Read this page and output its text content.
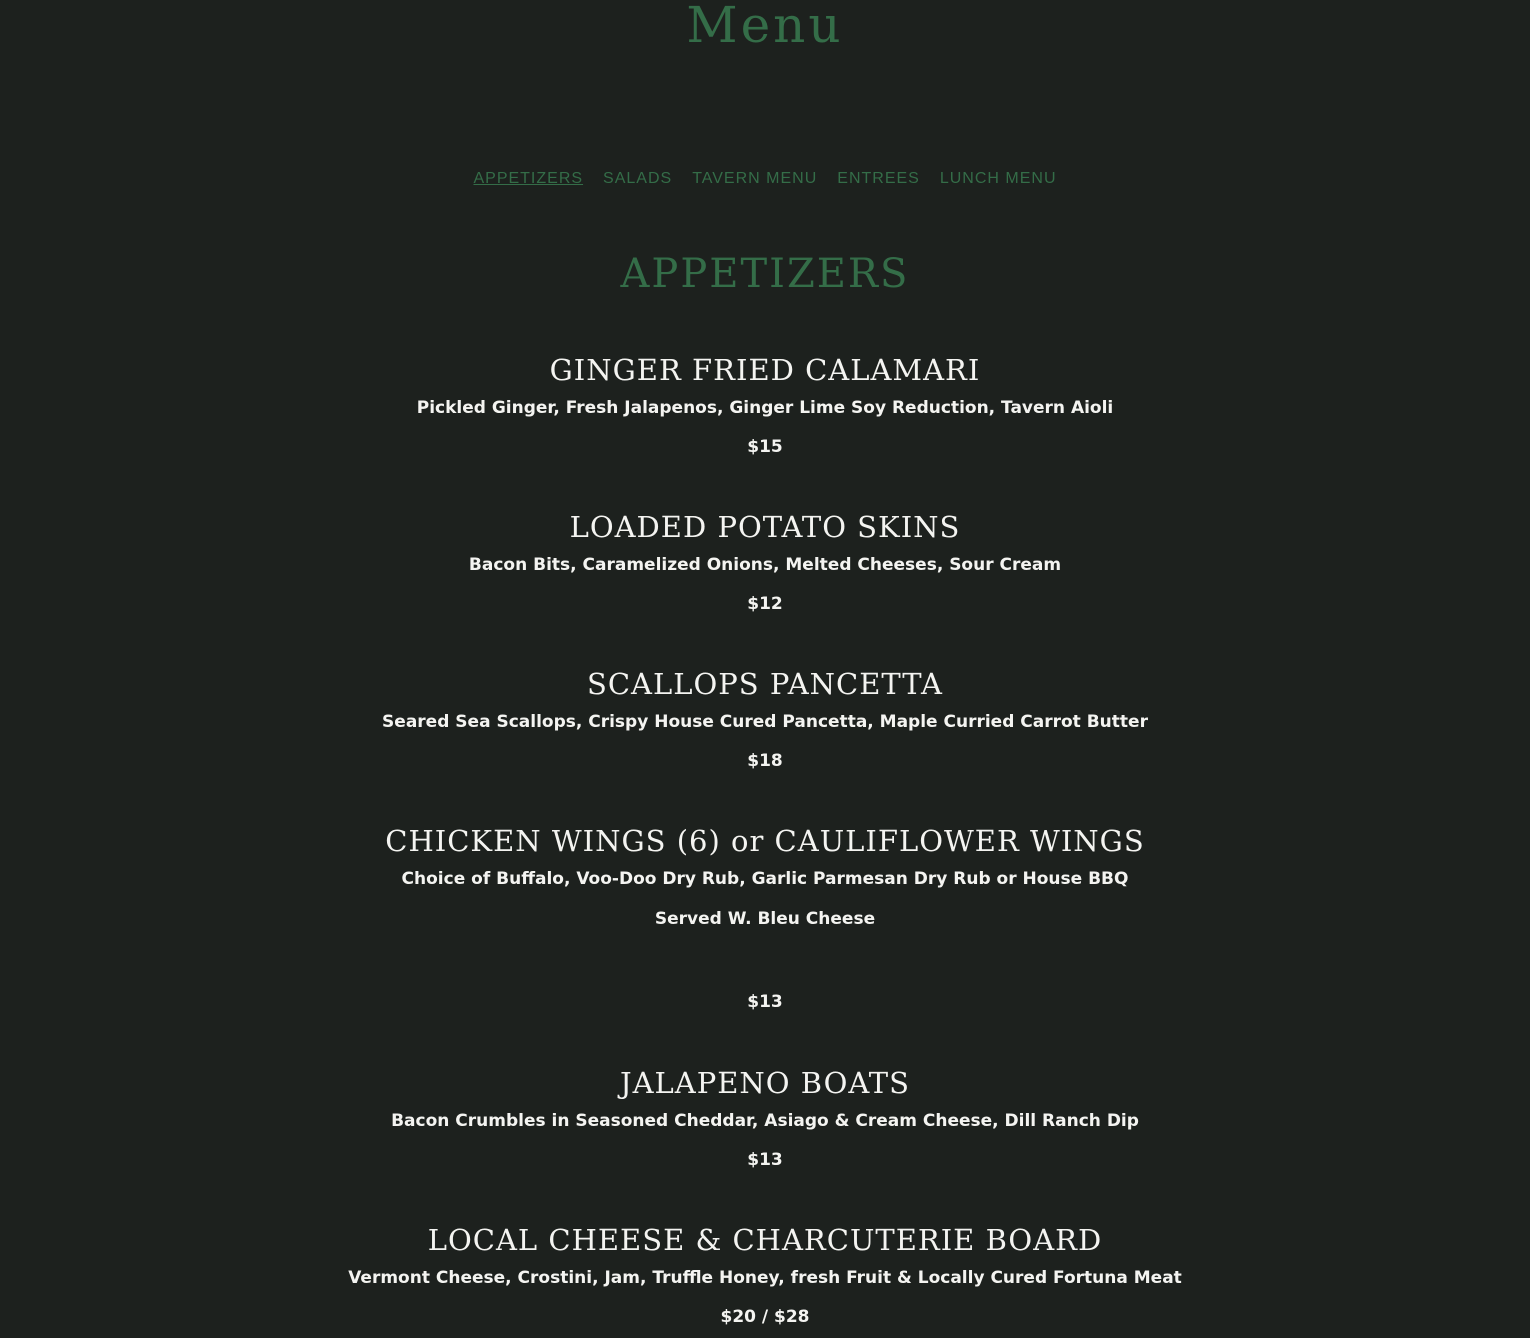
Menu
APPETIZERS SALADS TAVERN MENU ENTREES LUNCH MENU
APPETIZERS
GINGER FRIED CALAMARI

Pickled Ginger, Fresh Jalapenos, Ginger Lime Soy Reduction, Tavern Aioli

$15

LOADED POTATO SKINS

Bacon Bits, Caramelized Onions, Melted Cheeses, Sour Cream

$12

SCALLOPS PANCETTA

Seared Sea Scallops, Crispy House Cured Pancetta, Maple Curried Carrot Butter

$18

CHICKEN WINGS (6) or CAULIFLOWER WINGS

Choice of Buffalo, Voo-Doo Dry Rub, Garlic Parmesan Dry Rub or House BBQ

Served W. Bleu Cheese

$13

JALAPENO BOATS

Bacon Crumbles in Seasoned Cheddar, Asiago & Cream Cheese, Dill Ranch Dip

$13

LOCAL CHEESE & CHARCUTERIE BOARD

Vermont Cheese, Crostini, Jam, Truffle Honey, fresh Fruit & Locally Cured Fortuna Meat

$20 / $28
